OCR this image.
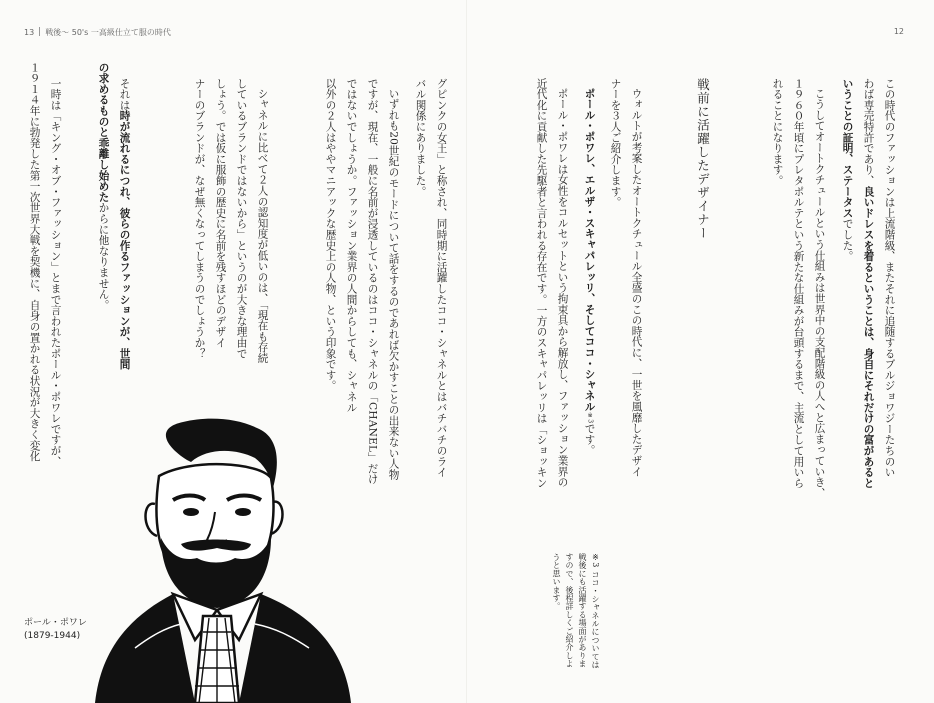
13 戦後〜 50's 一高級仕立て服の時代	12
この時代のファッションは上流階級、またそれに追随するブルジョワジーたちのい
わば専売特許であり、良いドレスを着るということは、身自にそれだけの富があると
いうことの証明、ステータスでした。
こうしてオートクチュールという仕組みは世界中の支配階級の人へと広まっていき、
１９６０年頃にプレタポルテという新たな仕組みが台頭するまで、主流として用いら
れることになります。
戦前に活躍したデザイナー
ウォルトが考案したオートクチュール全盛のこの時代に、一世を風靡したデザイ
ナーを３人ご紹介します。
ポール・ポワレ、エルザ・スキャパレッリ、そしてココ・シャネル※3です。
ポール・ポワレは女性をコルセットという拘束具から解放し、ファッション業界の
近代化に貢献した先駆者と言われる存在です。一方のスキャパレッリは「ショッキン
※3 ココ・シャネルについては
戦後にも活躍する場面がありま
すので、後程詳しくご紹介しよ
うと思います。
グピンクの女王」と称され、同時期に活躍したココ・シャネルとはバチバチのライ
バル関係にありました。
いずれも20世紀のモードについて話をするのであれば欠かすことの出来ない人物
ですが、現在、一般に名前が浸透しているのはココ・シャネルの「CHANEL」だけ
ではないでしょうか。ファッション業界の人間からしても、シャネル
以外の２人はややマニアックな歴史上の人物、という印象です。
シャネルに比べて２人の認知度が低いのは、「現在も存続
しているブランドではないから」というのが大きな理由で
しょう。では仮に服飾の歴史に名前を残すほどのデザイ
ナーのブランドが、なぜ無くなってしまうのでしょうか？
それは時が流れるにつれ、彼らの作るファッションが、世間
の求めるものと乖離し始めたからに他なりません。
一時は「キング・オブ・ファッション」とまで言われたポール・ポワレですが、
１９１４年に勃発した第一次世界大戦を契機に、自身の置かれる状況が大きく変化
ポール・ポワレ
(1879-1944)
